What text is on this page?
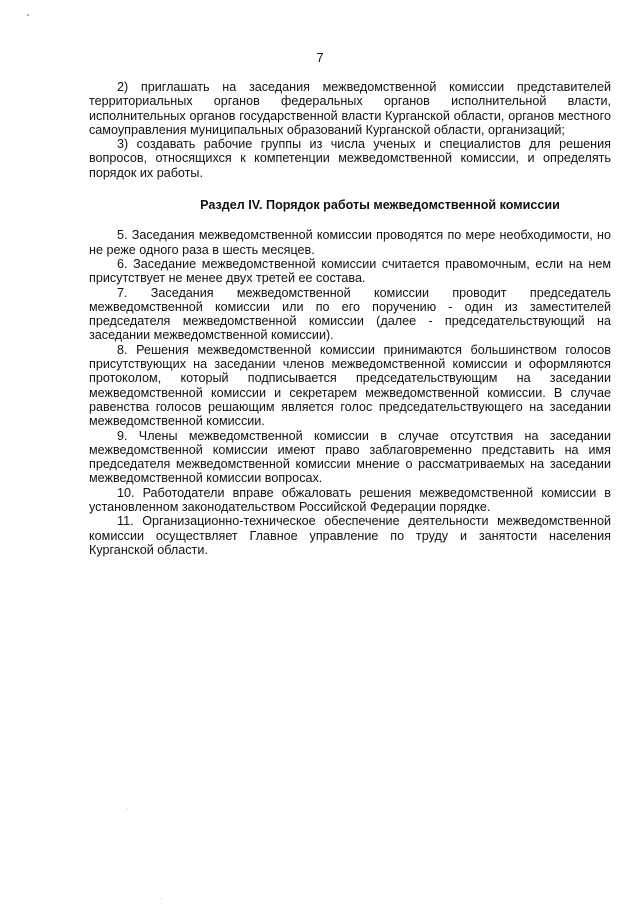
7

2) приглашать на заседания межведомственной комиссии представителей территориальных органов федеральных органов исполнительной власти, исполнительных органов государственной власти Курганской области, органов местного самоуправления муниципальных образований Курганской области, организаций;

3) создавать рабочие группы из числа ученых и специалистов для решения вопросов, относящихся к компетенции межведомственной комиссии, и определять порядок их работы.

Раздел IV. Порядок работы межведомственной комиссии

5. Заседания межведомственной комиссии проводятся по мере необходимости, но не реже одного раза в шесть месяцев.

6. Заседание межведомственной комиссии считается правомочным, если на нем присутствует не менее двух третей ее состава.

7. Заседания межведомственной комиссии проводит председатель межведомственной комиссии или по его поручению - один из заместителей председателя межведомственной комиссии (далее - председательствующий на заседании межведомственной комиссии).

8. Решения межведомственной комиссии принимаются большинством голосов присутствующих на заседании членов межведомственной комиссии и оформляются протоколом, который подписывается председательствующим на заседании межведомственной комиссии и секретарем межведомственной комиссии. В случае равенства голосов решающим является голос председательствующего на заседании межведомственной комиссии.

9. Члены межведомственной комиссии в случае отсутствия на заседании межведомственной комиссии имеют право заблаговременно представить на имя председателя межведомственной комиссии мнение о рассматриваемых на заседании межведомственной комиссии вопросах.

10. Работодатели вправе обжаловать решения межведомственной комиссии в установленном законодательством Российской Федерации порядке.

11. Организационно-техническое обеспечение деятельности межведомственной комиссии осуществляет Главное управление по труду и занятости населения Курганской области.
